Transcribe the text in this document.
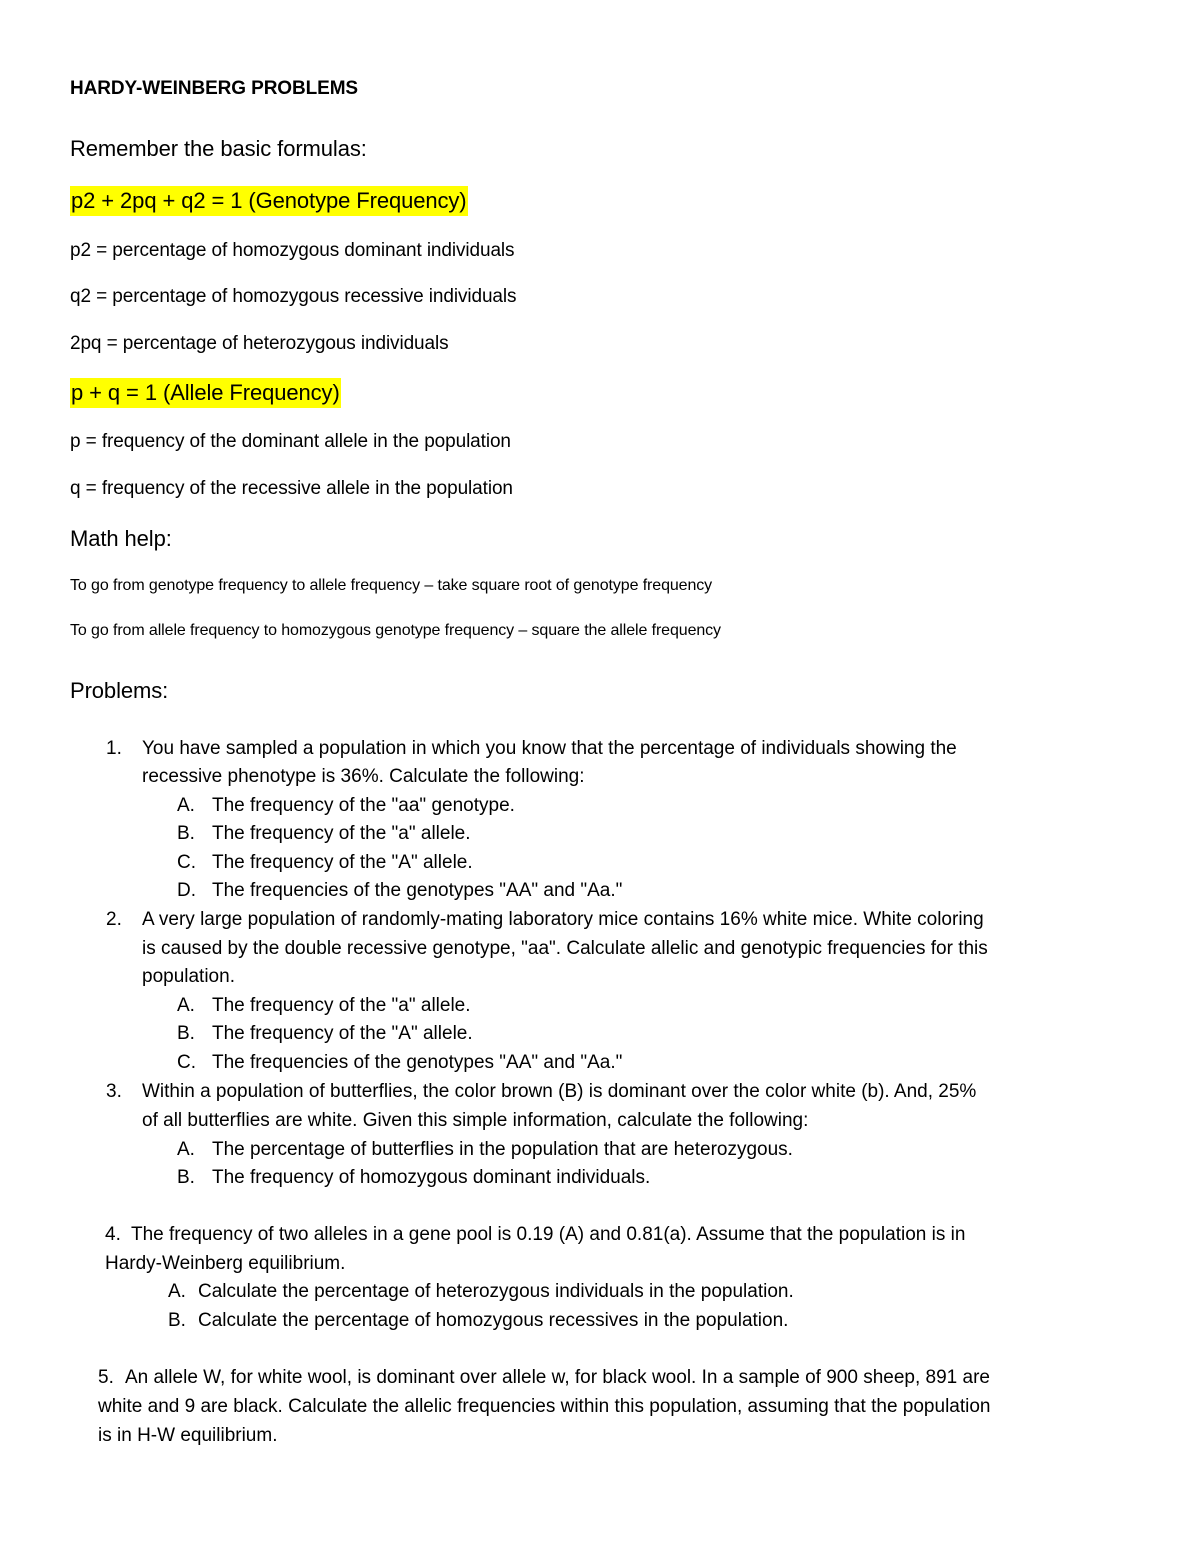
HARDY-WEINBERG PROBLEMS
Remember the basic formulas:
p2 + 2pq + q2 = 1 (Genotype Frequency)
p2 = percentage of homozygous dominant individuals
q2 = percentage of homozygous recessive individuals
2pq = percentage of heterozygous individuals
p + q = 1 (Allele Frequency)
p = frequency of the dominant allele in the population
q = frequency of the recessive allele in the population
Math help:
To go from genotype frequency to allele frequency – take square root of genotype frequency
To go from allele frequency to homozygous genotype frequency – square the allele frequency
Problems:
1. You have sampled a population in which you know that the percentage of individuals showing the
recessive phenotype is 36%. Calculate the following:
A. The frequency of the "aa" genotype.
B. The frequency of the "a" allele.
C. The frequency of the "A" allele.
D. The frequencies of the genotypes "AA" and "Aa."
2. A very large population of randomly-mating laboratory mice contains 16% white mice. White coloring
is caused by the double recessive genotype, "aa". Calculate allelic and genotypic frequencies for this
population.
A. The frequency of the "a" allele.
B. The frequency of the "A" allele.
C. The frequencies of the genotypes "AA" and "Aa."
3. Within a population of butterflies, the color brown (B) is dominant over the color white (b). And, 25%
of all butterflies are white. Given this simple information, calculate the following:
A. The percentage of butterflies in the population that are heterozygous.
B. The frequency of homozygous dominant individuals.
4. The frequency of two alleles in a gene pool is 0.19 (A) and 0.81(a). Assume that the population is in
Hardy-Weinberg equilibrium.
A. Calculate the percentage of heterozygous individuals in the population.
B. Calculate the percentage of homozygous recessives in the population.
5. An allele W, for white wool, is dominant over allele w, for black wool. In a sample of 900 sheep, 891 are
white and 9 are black. Calculate the allelic frequencies within this population, assuming that the population
is in H-W equilibrium.
